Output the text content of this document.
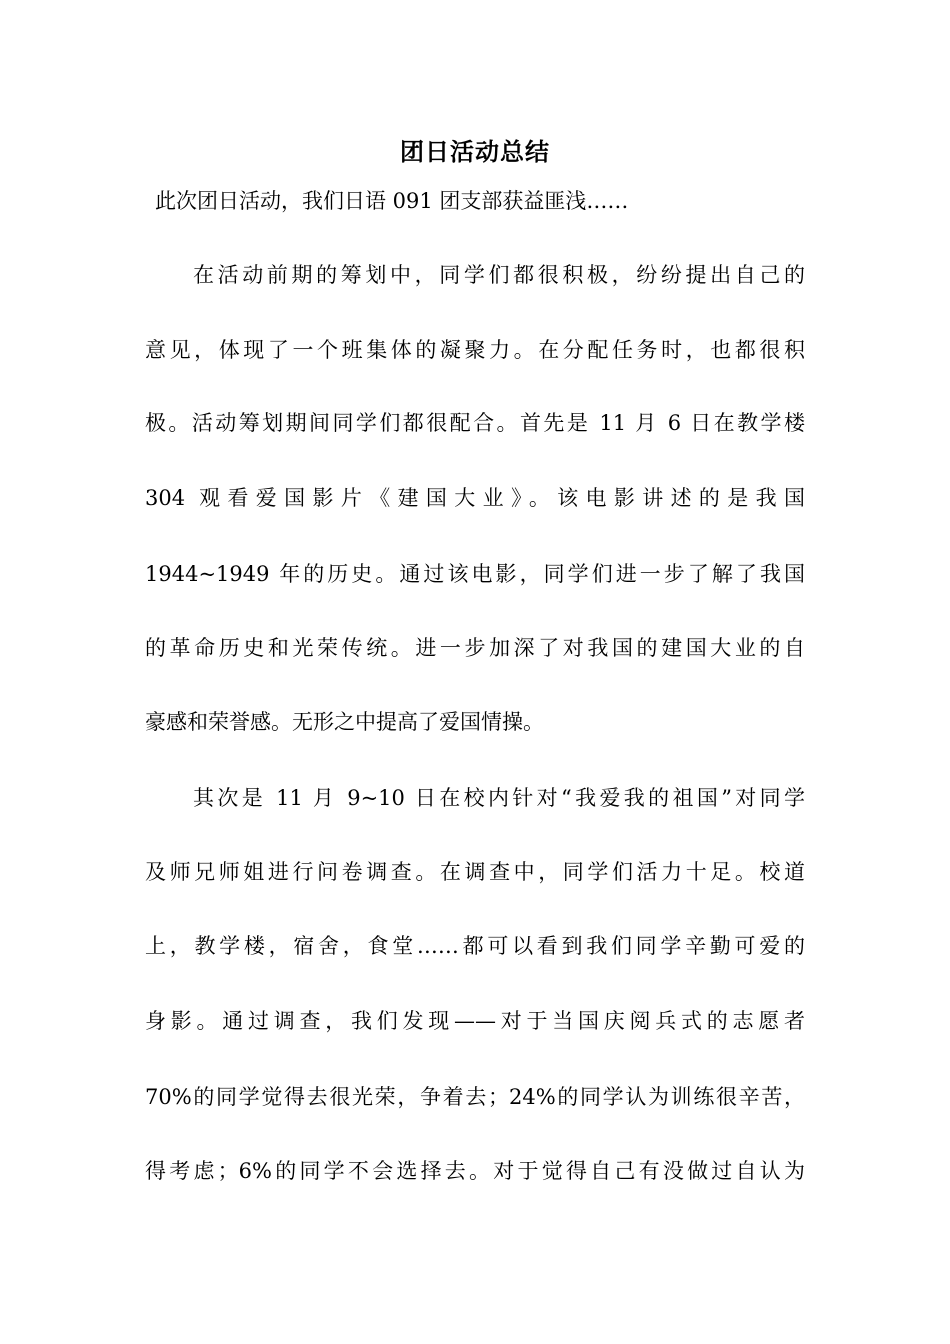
团日活动总结
此次团日活动，我们日语 091 团支部获益匪浅……
在活动前期的筹划中，同学们都很积极，纷纷提出自己的
意见，体现了一个班集体的凝聚力。在分配任务时，也都很积
极。活动筹划期间同学们都很配合。首先是 11 月 6 日在教学楼
304 观看爱国影片《建国大业》。该电影讲述的是我国
1944~1949 年的历史。通过该电影，同学们进一步了解了我国
的革命历史和光荣传统。进一步加深了对我国的建国大业的自
豪感和荣誉感。无形之中提高了爱国情操。
其次是 11 月 9~10 日在校内针对“我爱我的祖国”对同学
及师兄师姐进行问卷调查。在调查中，同学们活力十足。校道
上，教学楼，宿舍，食堂……都可以看到我们同学辛勤可爱的
身影。通过调查，我们发现——对于当国庆阅兵式的志愿者
70%的同学觉得去很光荣，争着去；24%的同学认为训练很辛苦，
得考虑；6%的同学不会选择去。对于觉得自己有没做过自认为
